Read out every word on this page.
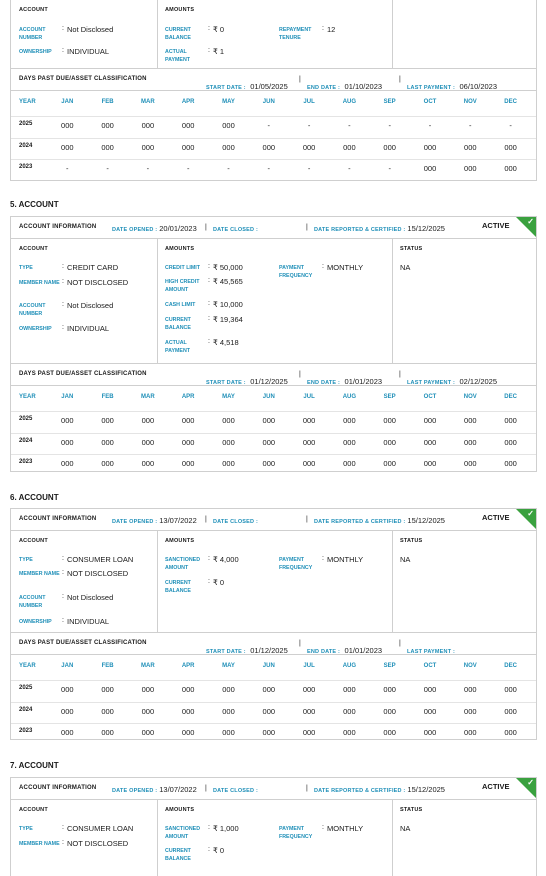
ACCOUNT
ACCOUNT NUMBER
: Not Disclosed
OWNERSHIP	: INDIVIDUAL
AMOUNTS
CURRENT BALANCE
: ₹ 0
ACTUAL PAYMENT
: ₹ 1
REPAYMENT TENURE
: 12
DAYS PAST DUE/ASSET CLASSIFICATION
START DATE : 01/05/2025
|
END DATE : 01/10/2023
|
LAST PAYMENT : 06/10/2023
YEAR	JAN	FEB	MAR	APR	MAY	JUN	JUL	AUG	SEP	OCT	NOV	DEC
2025	000	000	000	000	000	-	-	-	-	-	-	-
2024	000	000	000	000	000	000	000	000	000	000	000	000
2023	-	-	-	-	-	-	-	-	-	000	000	000
5. ACCOUNT
ACCOUNT INFORMATION	DATE OPENED : 20/01/2023 | DATE CLOSED :	| DATE REPORTED & CERTIFIED : 15/12/2025	ACTIVE ✓
ACCOUNT
TYPE	: CREDIT CARD
MEMBER NAME : NOT DISCLOSED
ACCOUNT NUMBER
: Not Disclosed
OWNERSHIP	: INDIVIDUAL
AMOUNTS
CREDIT LIMIT	: ₹ 50,000
HIGH CREDIT AMOUNT
: ₹ 45,565
CASH LIMIT	: ₹ 10,000
CURRENT BALANCE
: ₹ 19,364
ACTUAL PAYMENT
: ₹ 4,518
PAYMENT FREQUENCY
: MONTHLY
STATUS
NA
DAYS PAST DUE/ASSET CLASSIFICATION
START DATE : 01/12/2025
|
END DATE : 01/01/2023
|
LAST PAYMENT : 02/12/2025
YEAR	JAN	FEB	MAR	APR	MAY	JUN	JUL	AUG	SEP	OCT	NOV	DEC
2025	000	000	000	000	000	000	000	000	000	000	000	000
2024	000	000	000	000	000	000	000	000	000	000	000	000
2023	000	000	000	000	000	000	000	000	000	000	000	000
6. ACCOUNT
ACCOUNT INFORMATION	DATE OPENED : 13/07/2022 | DATE CLOSED :	| DATE REPORTED & CERTIFIED : 15/12/2025	ACTIVE ✓
ACCOUNT
TYPE	: CONSUMER LOAN
MEMBER NAME : NOT DISCLOSED
ACCOUNT NUMBER
: Not Disclosed
OWNERSHIP	: INDIVIDUAL
AMOUNTS
SANCTIONED AMOUNT
: ₹ 4,000
CURRENT BALANCE
: ₹ 0
PAYMENT FREQUENCY
: MONTHLY
STATUS
NA
DAYS PAST DUE/ASSET CLASSIFICATION
START DATE : 01/12/2025
|
END DATE : 01/01/2023
|
LAST PAYMENT :
YEAR	JAN	FEB	MAR	APR	MAY	JUN	JUL	AUG	SEP	OCT	NOV	DEC
2025	000	000	000	000	000	000	000	000	000	000	000	000
2024	000	000	000	000	000	000	000	000	000	000	000	000
2023	000	000	000	000	000	000	000	000	000	000	000	000
7. ACCOUNT
ACCOUNT INFORMATION	DATE OPENED : 13/07/2022 | DATE CLOSED :	| DATE REPORTED & CERTIFIED : 15/12/2025	ACTIVE ✓
ACCOUNT
TYPE	: CONSUMER LOAN
MEMBER NAME : NOT DISCLOSED
AMOUNTS
SANCTIONED AMOUNT
: ₹ 1,000
CURRENT BALANCE
: ₹ 0
PAYMENT FREQUENCY
: MONTHLY
STATUS
NA
